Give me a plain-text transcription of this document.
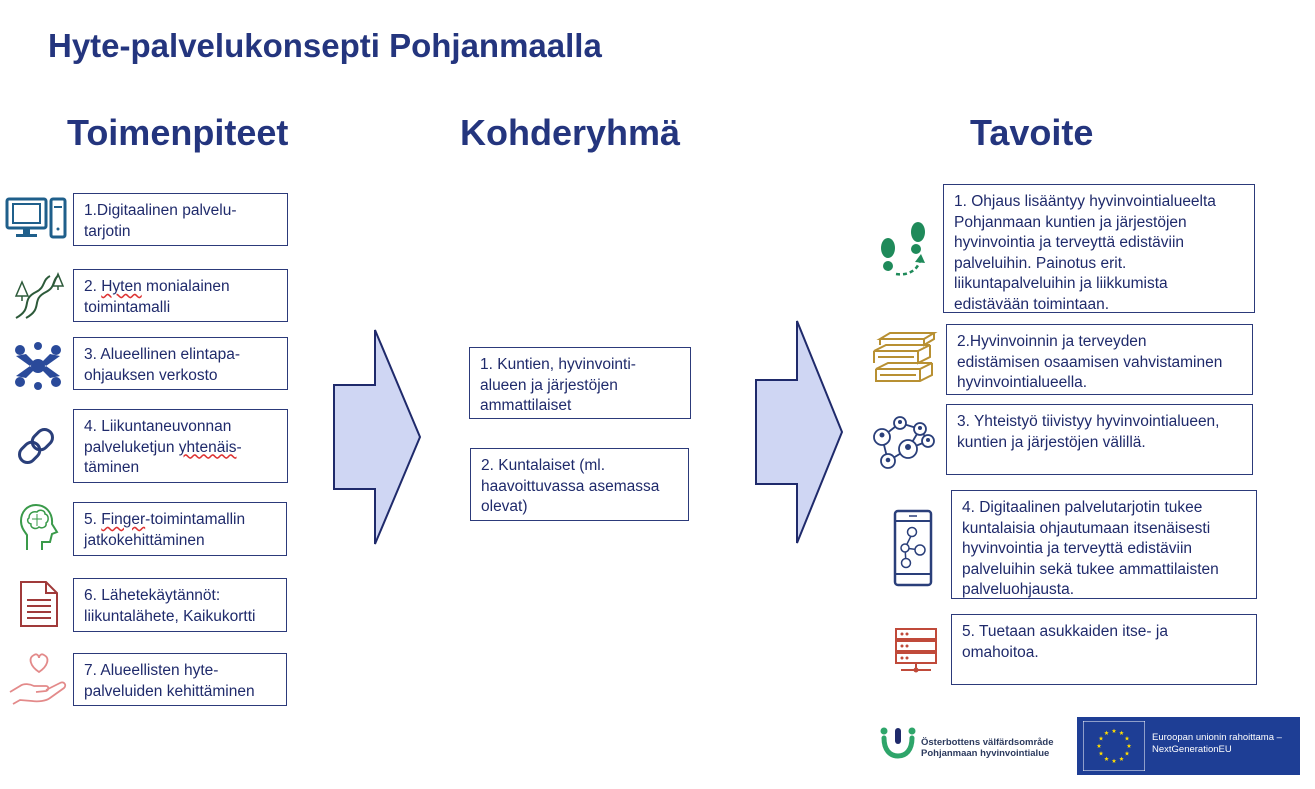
Hyte-palvelukonsepti Pohjanmaalla
Toimenpiteet	Kohderyhmä	Tavoite
1.Digitaalinen palvelu-
tarjotin
2. Hyten monialainen
toimintamalli
3. Alueellinen elintapa-
ohjauksen verkosto
4. Liikuntaneuvonnan
palveluketjun yhtenäis-
täminen
5. Finger-toimintamallin
jatkokehittäminen
6. Lähetekäytännöt:
liikuntalähete, Kaikukortti
7. Alueellisten hyte-
palveluiden kehittäminen
1. Kuntien, hyvinvointi-
alueen ja järjestöjen
ammattilaiset
2. Kuntalaiset (ml.
haavoittuvassa asemassa
olevat)
1. Ohjaus lisääntyy hyvinvointialueelta
Pohjanmaan kuntien ja järjestöjen
hyvinvointia ja terveyttä edistäviin
palveluihin. Painotus erit.
liikuntapalveluihin ja liikkumista
edistävään toimintaan.
2.Hyvinvoinnin ja terveyden
edistämisen osaamisen vahvistaminen
hyvinvointialueella.
3. Yhteistyö tiivistyy hyvinvointialueen,
kuntien ja järjestöjen välillä.
4. Digitaalinen palvelutarjotin tukee
kuntalaisia ohjautumaan itsenäisesti
hyvinvointia ja terveyttä edistäviin
palveluihin sekä tukee ammattilaisten
palveluohjausta.
5. Tuetaan asukkaiden itse- ja
omahoitoa.
Österbottens välfärdsområde
Pohjanmaan hyvinvointialue
Euroopan unionin rahoittama –
NextGenerationEU
